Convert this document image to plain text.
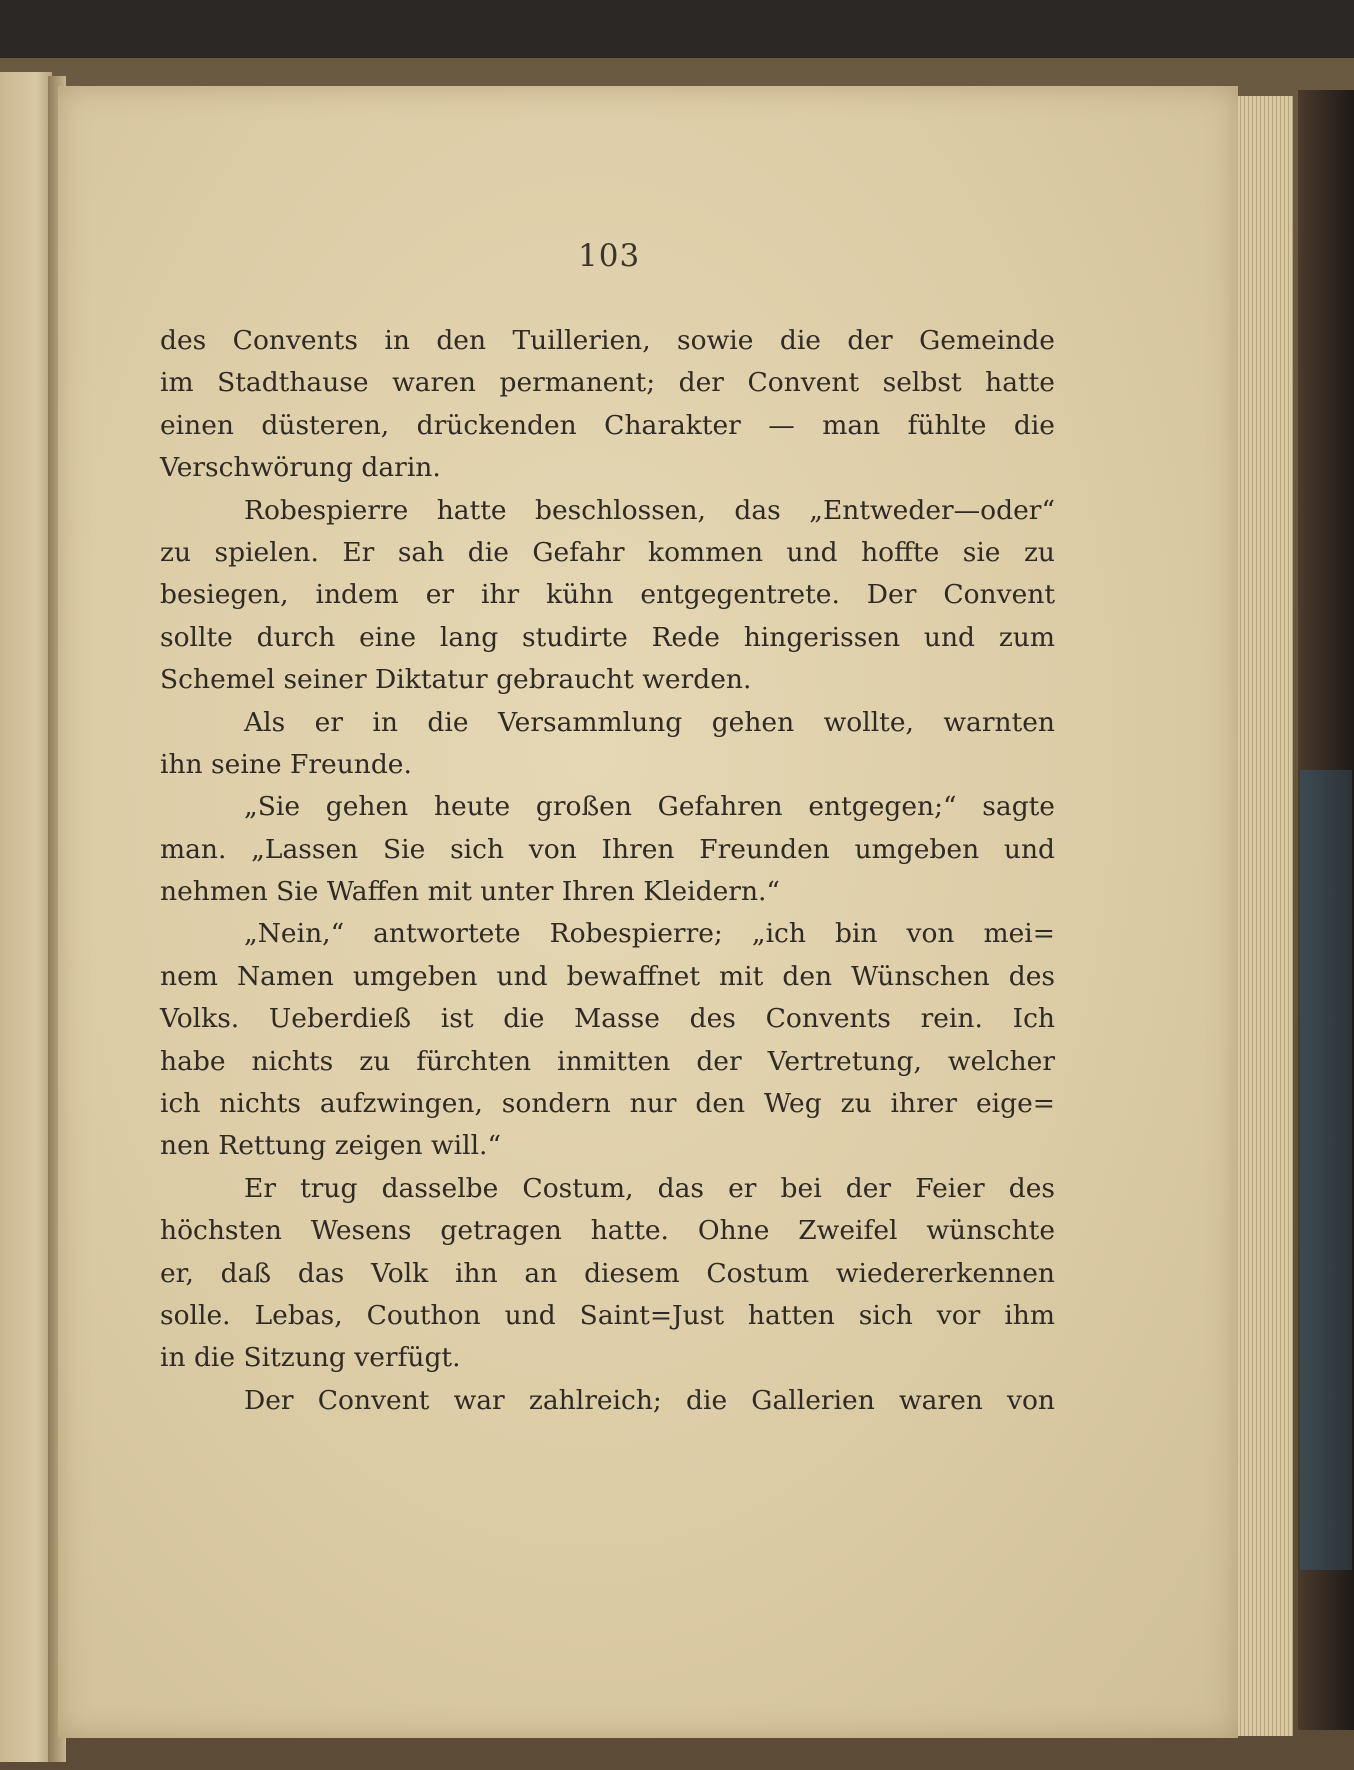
103
des Convents in den Tuillerien, sowie die der Gemeinde
im Stadthause waren permanent; der Convent selbst hatte
einen düsteren, drückenden Charakter — man fühlte die
Verschwörung darin.
Robespierre hatte beschlossen, das „Entweder—oder“
zu spielen. Er sah die Gefahr kommen und hoffte sie zu
besiegen, indem er ihr kühn entgegentrete. Der Convent
sollte durch eine lang studirte Rede hingerissen und zum
Schemel seiner Diktatur gebraucht werden.
Als er in die Versammlung gehen wollte, warnten
ihn seine Freunde.
„Sie gehen heute großen Gefahren entgegen;“ sagte
man. „Lassen Sie sich von Ihren Freunden umgeben und
nehmen Sie Waffen mit unter Ihren Kleidern.“
„Nein,“ antwortete Robespierre; „ich bin von mei=
nem Namen umgeben und bewaffnet mit den Wünschen des
Volks. Ueberdieß ist die Masse des Convents rein. Ich
habe nichts zu fürchten inmitten der Vertretung, welcher
ich nichts aufzwingen, sondern nur den Weg zu ihrer eige=
nen Rettung zeigen will.“
Er trug dasselbe Costum, das er bei der Feier des
höchsten Wesens getragen hatte. Ohne Zweifel wünschte
er, daß das Volk ihn an diesem Costum wiedererkennen
solle. Lebas, Couthon und Saint=Just hatten sich vor ihm
in die Sitzung verfügt.
Der Convent war zahlreich; die Gallerien waren von
